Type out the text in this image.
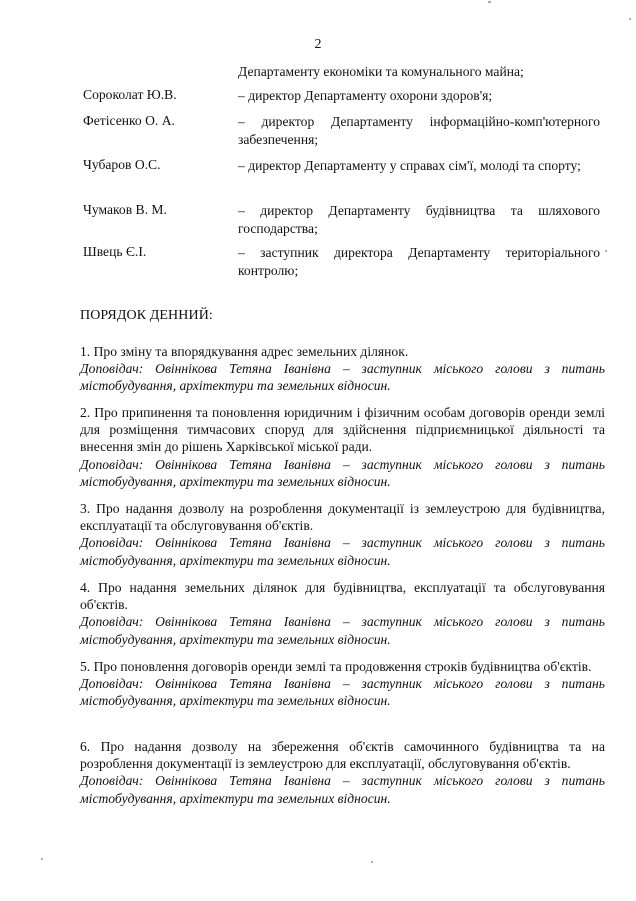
2
Департаменту економіки та комунального майна;
Сороколат Ю.В.	– директор Департаменту охорони здоров'я;
Фетісенко О. А.	– директор Департаменту інформаційно-комп'ютерного забезпечення;
Чубаров О.С.	– директор Департаменту у справах сім'ї, молоді та спорту;
Чумаков В. М.	– директор Департаменту будівництва та шляхового господарства;
Швець Є.І.	– заступник директора Департаменту територіального контролю;
ПОРЯДОК ДЕННИЙ:
1. Про зміну та впорядкування адрес земельних ділянок.
Доповідач: Овіннікова Тетяна Іванівна – заступник міського голови з питань містобудування, архітектури та земельних відносин.
2. Про припинення та поновлення юридичним і фізичним особам договорів оренди землі для розміщення тимчасових споруд для здійснення підприємницької діяльності та внесення змін до рішень Харківської міської ради.
Доповідач: Овіннікова Тетяна Іванівна – заступник міського голови з питань містобудування, архітектури та земельних відносин.
3. Про надання дозволу на розроблення документації із землеустрою для будівництва, експлуатації та обслуговування об'єктів.
Доповідач: Овіннікова Тетяна Іванівна – заступник міського голови з питань містобудування, архітектури та земельних відносин.
4. Про надання земельних ділянок для будівництва, експлуатації та обслуговування об'єктів.
Доповідач: Овіннікова Тетяна Іванівна – заступник міського голови з питань містобудування, архітектури та земельних відносин.
5. Про поновлення договорів оренди землі та продовження строків будівництва об'єктів.
Доповідач: Овіннікова Тетяна Іванівна – заступник міського голови з питань містобудування, архітектури та земельних відносин.
6. Про надання дозволу на збереження об'єктів самочинного будівництва та на розроблення документації із землеустрою для експлуатації, обслуговування об'єктів.
Доповідач: Овіннікова Тетяна Іванівна – заступник міського голови з питань містобудування, архітектури та земельних відносин.
